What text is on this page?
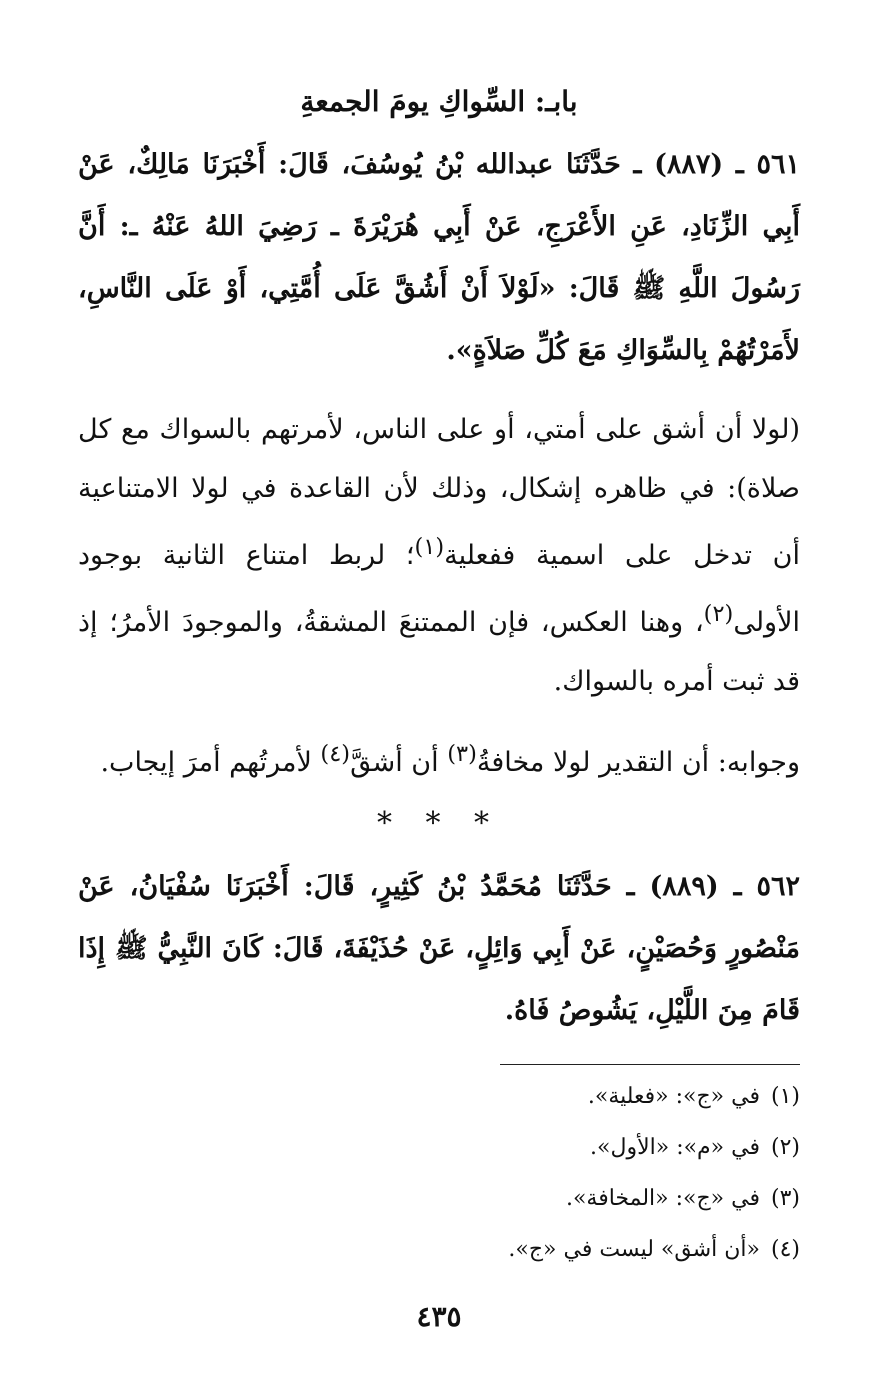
بابـ: السِّواكِ يومَ الجمعةِ

٥٦١ ـ (٨٨٧) ـ حَدَّثَنَا عبدالله بْنُ يُوسُفَ، قَالَ: أَخْبَرَنَا مَالِكٌ، عَنْ أَبِي الزِّنَادِ، عَنِ الأَعْرَجِ، عَنْ أَبِي هُرَيْرَةَ ـ رَضِيَ اللهُ عَنْهُ ـ: أَنَّ رَسُولَ اللَّهِ ﷺ قَالَ: «لَوْلاَ أَنْ أَشُقَّ عَلَى أُمَّتِي، أَوْ عَلَى النَّاسِ، لأَمَرْتُهُمْ بِالسِّوَاكِ مَعَ كُلِّ صَلاَةٍ».

(لولا أن أشق على أمتي، أو على الناس، لأمرتهم بالسواك مع كل صلاة): في ظاهره إشكال، وذلك لأن القاعدة في لولا الامتناعية أن تدخل على اسمية ففعلية$^{(١)}$؛ لربط امتناع الثانية بوجود الأولى$^{(٢)}$، وهنا العكس، فإن الممتنعَ المشقةُ، والموجودَ الأمرُ؛ إذ قد ثبت أمره بالسواك.

وجوابه: أن التقدير لولا مخافةُ$^{(٣)}$ أن أشقَّ$^{(٤)}$ لأمرتُهم أمرَ إيجاب.

* * *

٥٦٢ ـ (٨٨٩) ـ حَدَّثَنَا مُحَمَّدُ بْنُ كَثِيرٍ، قَالَ: أَخْبَرَنَا سُفْيَانُ، عَنْ مَنْصُورٍ وَحُصَيْنٍ، عَنْ أَبِي وَائِلٍ، عَنْ حُذَيْفَةَ، قَالَ: كَانَ النَّبِيُّ ﷺ إِذَا قَامَ مِنَ اللَّيْلِ، يَشُوصُ فَاهُ.

(١)في «ج»: «فعلية».
(٢)في «م»: «الأول».
(٣)في «ج»: «المخافة».
(٤)«أن أشق» ليست في «ج».
٤٣٥
